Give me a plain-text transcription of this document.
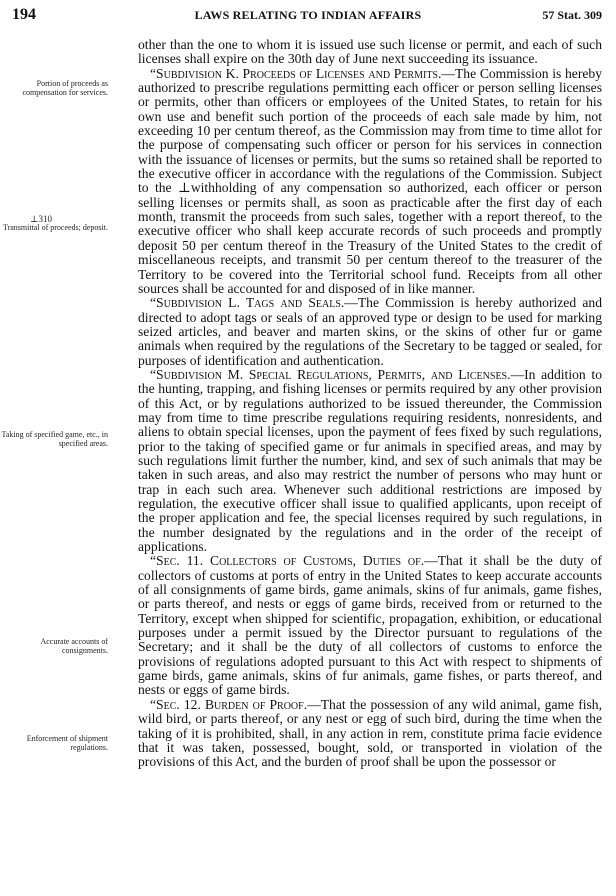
194	LAWS RELATING TO INDIAN AFFAIRS	57 Stat. 309
Portion of proceeds as compensation for services.
⊥310
Transmittal of proceeds; deposit.
Taking of specified game, etc., in specified areas.
Accurate accounts of consignments.
Enforcement of shipment regulations.

other than the one to whom it is issued use such license or permit, and each of such licenses shall expire on the 30th day of June next succeeding its issuance.

“Subdivision K. Proceeds of Licenses and Permits.—The Commission is hereby authorized to prescribe regulations permitting each officer or person selling licenses or permits, other than officers or employees of the United States, to retain for his own use and benefit such portion of the proceeds of each sale made by him, not exceeding 10 per centum thereof, as the Commission may from time to time allot for the purpose of compensating such officer or person for his services in connection with the issuance of licenses or permits, but the sums so retained shall be reported to the executive officer in accordance with the regulations of the Commission. Subject to the ⊥withholding of any compensation so authorized, each officer or person selling licenses or permits shall, as soon as practicable after the first day of each month, transmit the proceeds from such sales, together with a report thereof, to the executive officer who shall keep accurate records of such proceeds and promptly deposit 50 per centum thereof in the Treasury of the United States to the credit of miscellaneous receipts, and transmit 50 per centum thereof to the treasurer of the Territory to be covered into the Territorial school fund. Receipts from all other sources shall be accounted for and disposed of in like manner.

“Subdivision L. Tags and Seals.—The Commission is hereby authorized and directed to adopt tags or seals of an approved type or design to be used for marking seized articles, and beaver and marten skins, or the skins of other fur or game animals when required by the regulations of the Secretary to be tagged or sealed, for purposes of identification and authentication.

“Subdivision M. Special Regulations, Permits, and Licenses.—In addition to the hunting, trapping, and fishing licenses or permits required by any other provision of this Act, or by regulations authorized to be issued thereunder, the Commission may from time to time prescribe regulations requiring residents, nonresidents, and aliens to obtain special licenses, upon the payment of fees fixed by such regulations, prior to the taking of specified game or fur animals in specified areas, and may by such regulations limit further the number, kind, and sex of such animals that may be taken in such areas, and also may restrict the number of persons who may hunt or trap in each such area. Whenever such additional restrictions are imposed by regulation, the executive officer shall issue to qualified applicants, upon receipt of the proper application and fee, the special licenses required by such regulations, in the number designated by the regulations and in the order of the receipt of applications.

“Sec. 11. Collectors of Customs, Duties of.—That it shall be the duty of collectors of customs at ports of entry in the United States to keep accurate accounts of all consignments of game birds, game animals, skins of fur animals, game fishes, or parts thereof, and nests or eggs of game birds, received from or returned to the Territory, except when shipped for scientific, propagation, exhibition, or educational purposes under a permit issued by the Director pursuant to regulations of the Secretary; and it shall be the duty of all collectors of customs to enforce the provisions of regulations adopted pursuant to this Act with respect to shipments of game birds, game animals, skins of fur animals, game fishes, or parts thereof, and nests or eggs of game birds.

“Sec. 12. Burden of Proof.—That the possession of any wild animal, game fish, wild bird, or parts thereof, or any nest or egg of such bird, during the time when the taking of it is prohibited, shall, in any action in rem, constitute prima facie evidence that it was taken, possessed, bought, sold, or transported in violation of the provisions of this Act, and the burden of proof shall be upon the possessor or
